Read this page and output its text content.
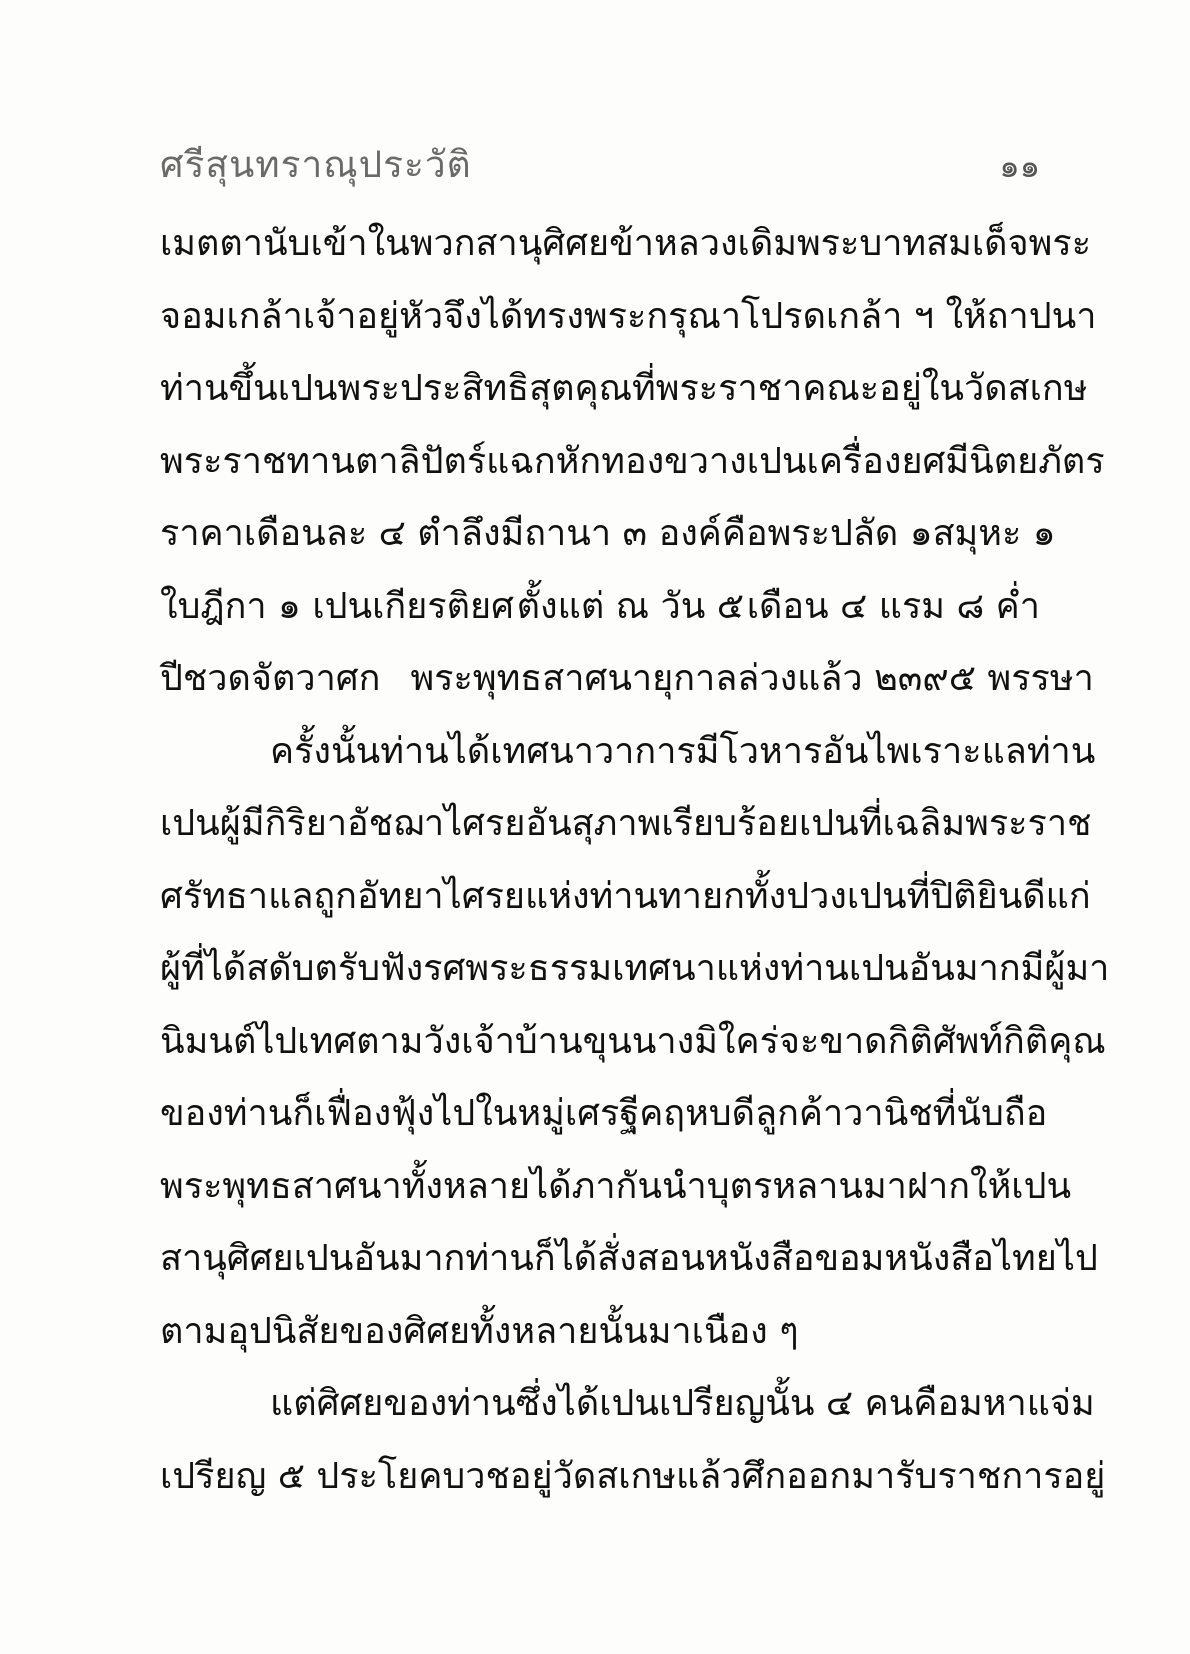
ศรีสุนทราณุประวัติ	๑๑
เมตตานับเข้าในพวกสานุศิศยข้าหลวงเดิม พระบาทสมเด็จพระ
จอมเกล้าเจ้าอยู่หัว จึงได้ทรงพระกรุณาโปรดเกล้า ฯ ให้ถาปนา
ท่านขึ้นเปนพระประสิทธิสุตคุณ ที่พระราชาคณะอยู่ในวัดสเกษ
พระราชทานตาลิปัตร์แฉกหักทองขวางเปนเครื่องยศ มีนิตยภัตร
ราคาเดือนละ ๔ ตำลึง มีถานา ๓ องค์ คือพระปลัด ๑ สมุหะ ๑
ใบฎีกา ๑ เปนเกียรติยศ ตั้งแต่ ณ วัน ๕ เดือน ๔ แรม ๘ ค่ำ
ปีชวดจัตวาศก พระพุทธสาศนายุกาลล่วงแล้ว ๒๓๙๕ พรรษา
ครั้งนั้นท่านได้เทศนาวาการมีโวหารอันไพเราะ แลท่าน
เปนผู้มีกิริยาอัชฌาไศรยอันสุภาพเรียบร้อย เปนที่เฉลิมพระราช
ศรัทธา แลถูกอัทยาไศรยแห่งท่านทายกทั้งปวง เปนที่ปิติยินดีแก่
ผู้ที่ได้สดับตรับฟังรศพระธรรมเทศนาแห่งท่านเปนอันมาก มีผู้มา
นิมนต์ไปเทศตามวังเจ้าบ้านขุนนางมิใคร่จะขาด กิติศัพท์กิติคุณ
ของท่าน ก็เฟื่องฟุ้งไปในหมู่เศรฐีคฤหบดี ลูกค้าวานิชที่นับถือ
พระพุทธสาศนาทั้งหลาย ได้ภากันนำบุตรหลานมาฝากให้เปน
สานุศิศยเปนอันมาก ท่านก็ได้สั่งสอนหนังสือขอมหนังสือไทยไป
ตามอุปนิสัยของศิศยทั้งหลายนั้นมาเนือง ๆ
แต่ศิศยของท่านซึ่งได้เปนเปรียญนั้น ๔ คน คือมหาแจ่ม
เปรียญ ๕ ประโยคบวชอยู่วัดสเกษ แล้วศึกออกมารับราชการอยู่
